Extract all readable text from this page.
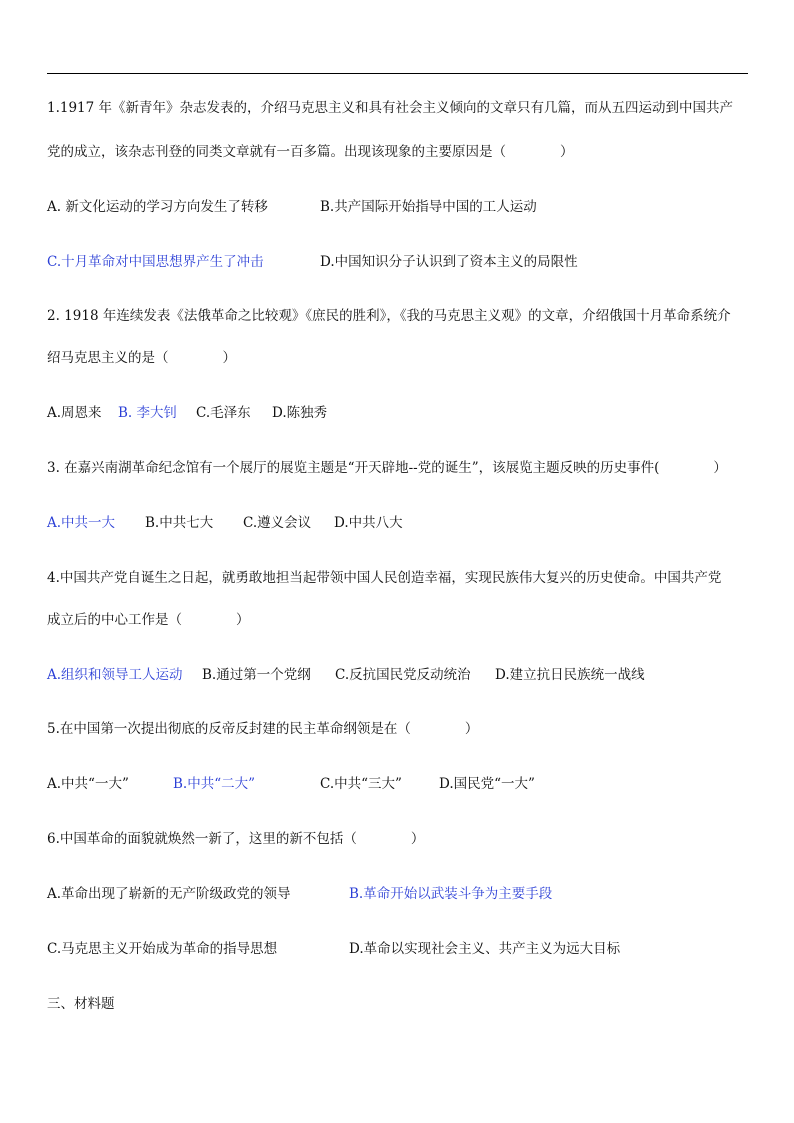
1.1917 年《新青年》杂志发表的，介绍马克思主义和具有社会主义倾向的文章只有几篇，而从五四运动到中国共产
党的成立，该杂志刊登的同类文章就有一百多篇。出现该现象的主要原因是（　　　　）
A. 新文化运动的学习方向发生了转移	B.共产国际开始指导中国的工人运动
C.十月革命对中国思想界产生了冲击	D.中国知识分子认识到了资本主义的局限性
2. 1918 年连续发表《法俄革命之比较观》《庶民的胜利》，《我的马克思主义观》的文章，介绍俄国十月革命系统介
绍马克思主义的是（　　　　）
A.周恩来 B. 李大钊 C.毛泽东 D.陈独秀
3. 在嘉兴南湖革命纪念馆有一个展厅的展览主题是“开天辟地--党的诞生”，该展览主题反映的历史事件(　　　　）
A.中共一大 B.中共七大 C.遵义会议 D.中共八大
4.中国共产党自诞生之日起，就勇敢地担当起带领中国人民创造幸福，实现民族伟大复兴的历史使命。中国共产党
成立后的中心工作是（　　　　）
A.组织和领导工人运动 B.通过第一个党纲 C.反抗国民党反动统治 D.建立抗日民族统一战线
5.在中国第一次提出彻底的反帝反封建的民主革命纲领是在（　　　　）
A.中共“一大”	B.中共“二大”	C.中共“三大”	D.国民党“一大”
6.中国革命的面貌就焕然一新了，这里的新不包括（　　　　）
A.革命出现了崭新的无产阶级政党的领导	B.革命开始以武装斗争为主要手段
C.马克思主义开始成为革命的指导思想	D.革命以实现社会主义、共产主义为远大目标
三、材料题
